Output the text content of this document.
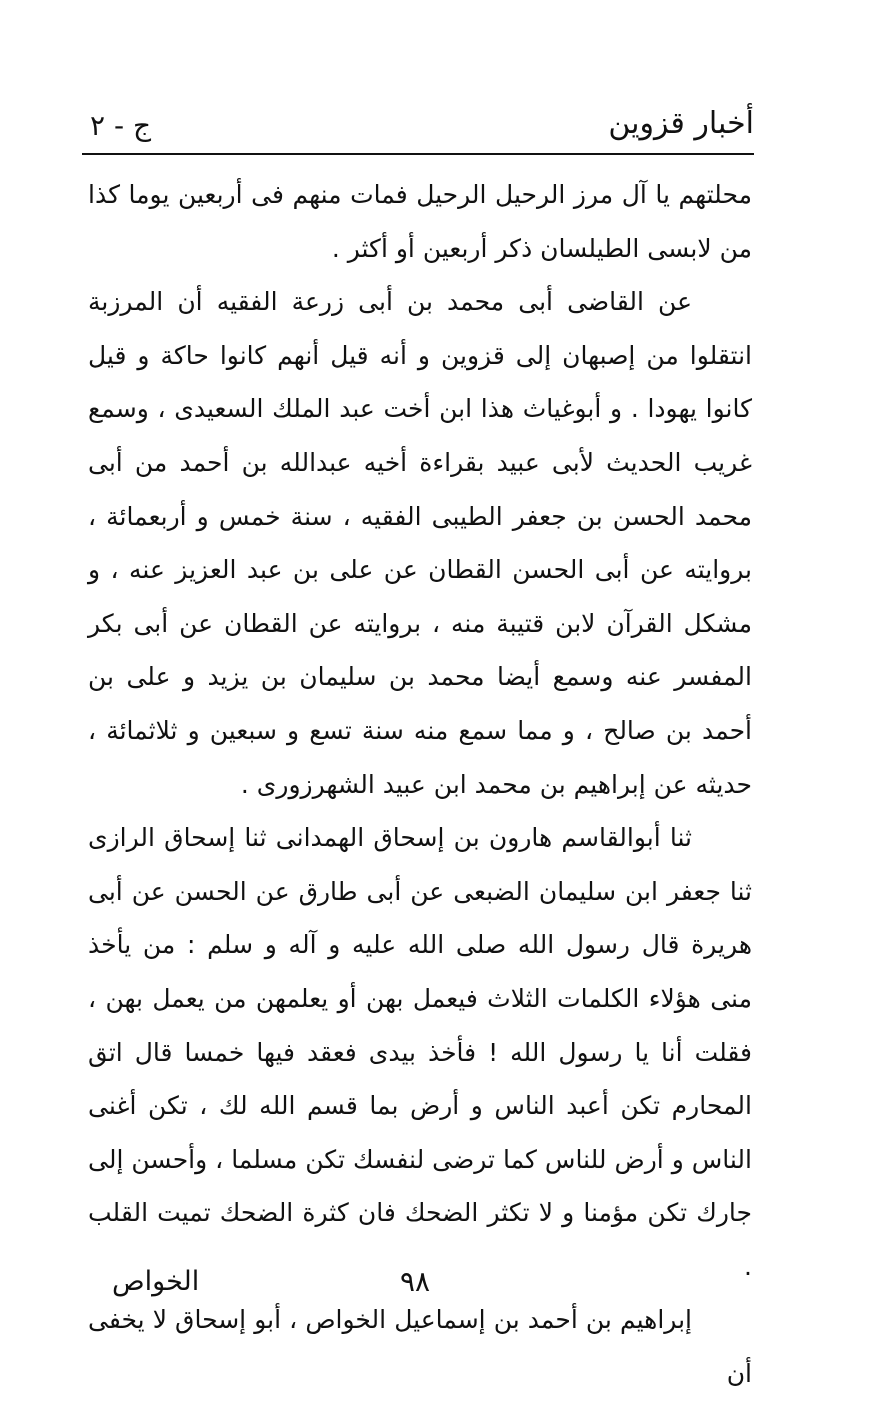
أخبار قزوين
ج - ٢

محلتهم يا آل مرز الرحيل الرحيل فمات منهم فى أربعين يوما كذا من لابسى الطيلسان ذكر أربعين أو أكثر .

عن القاضى أبى محمد بن أبى زرعة الفقيه أن المرزبة انتقلوا من إصبهان إلى قزوين و أنه قيل أنهم كانوا حاكة و قيل كانوا يهودا . و أبوغياث هذا ابن أخت عبد الملك السعيدى ، وسمع غريب الحديث لأبى عبيد بقراءة أخيه عبدالله بن أحمد من أبى محمد الحسن بن جعفر الطيبى الفقيه ، سنة خمس و أربعمائة ، بروايته عن أبى الحسن القطان عن على بن عبد العزيز عنه ، و مشكل القرآن لابن قتيبة منه ، بروايته عن القطان عن أبى بكر المفسر عنه وسمع أيضا محمد بن سليمان بن يزيد و على بن أحمد بن صالح ، و مما سمع منه سنة تسع و سبعين و ثلاثمائة ، حديثه عن إبراهيم بن محمد ابن عبيد الشهرزورى .

ثنا أبوالقاسم هارون بن إسحاق الهمدانى ثنا إسحاق الرازى ثنا جعفر ابن سليمان الضبعى عن أبى طارق عن الحسن عن أبى هريرة قال رسول الله صلى الله عليه و آله و سلم : من يأخذ منى هؤلاء الكلمات الثلاث فيعمل بهن أو يعلمهن من يعمل بهن ، فقلت أنا يا رسول الله ! فأخذ بيدى فعقد فيها خمسا قال اتق المحارم تكن أعبد الناس و أرض بما قسم الله لك ، تكن أغنى الناس و أرض للناس كما ترضى لنفسك تكن مسلما ، وأحسن إلى جارك تكن مؤمنا و لا تكثر الضحك فان كثرة الضحك تميت القلب .

إبراهيم بن أحمد بن إسماعيل الخواص ، أبو إسحاق لا يخفى أن

٩٨
الخواص
